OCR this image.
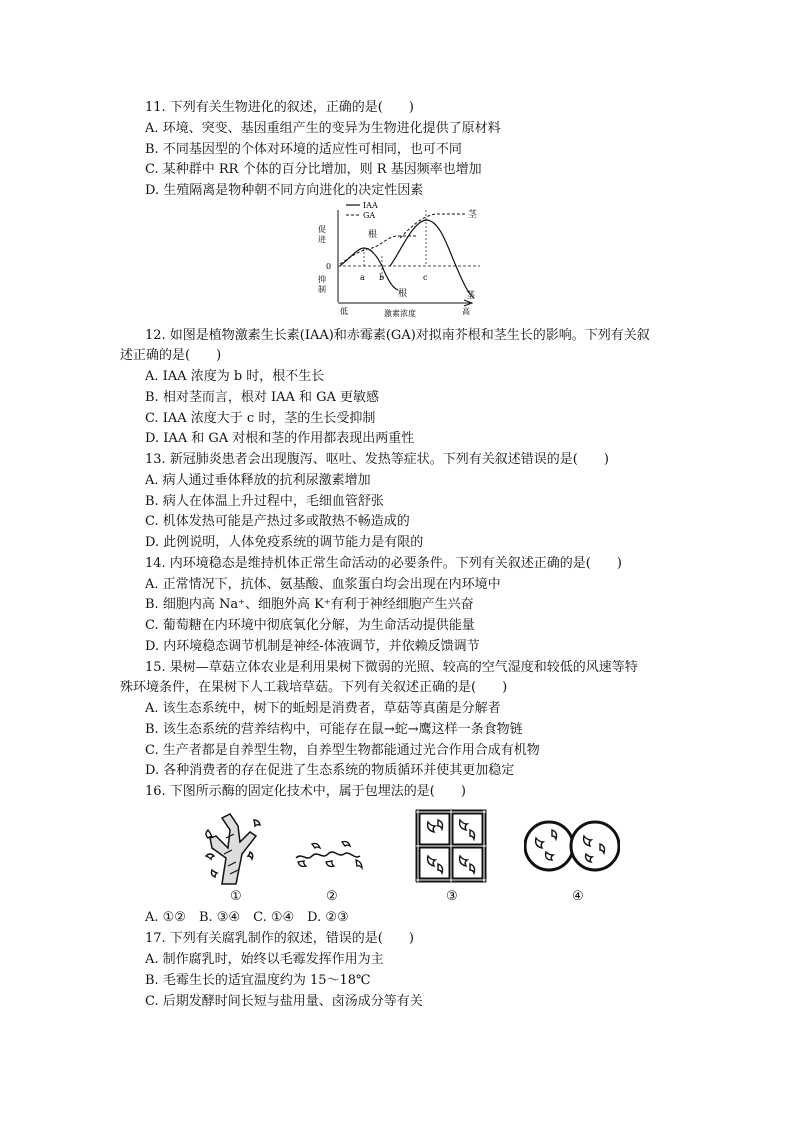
11. 下列有关生物进化的叙述，正确的是(　　)
A. 环境、突变、基因重组产生的变异为生物进化提供了原材料
B. 不同基因型的个体对环境的适应性可相同，也可不同
C. 某种群中 RR 个体的百分比增加，则 R 基因频率也增加
D. 生殖隔离是物种朝不同方向进化的决定性因素
IAA
GA
促
进
抑
制
0
a b	c
根
茎
根	茎
低	激素浓度	高
12. 如图是植物激素生长素(IAA)和赤霉素(GA)对拟南芥根和茎生长的影响。下列有关叙
述正确的是(　　)
A. IAA 浓度为 b 时，根不生长
B. 相对茎而言，根对 IAA 和 GA 更敏感
C. IAA 浓度大于 c 时，茎的生长受抑制
D. IAA 和 GA 对根和茎的作用都表现出两重性
13. 新冠肺炎患者会出现腹泻、呕吐、发热等症状。下列有关叙述错误的是(　　)
A. 病人通过垂体释放的抗利尿激素增加
B. 病人在体温上升过程中，毛细血管舒张
C. 机体发热可能是产热过多或散热不畅造成的
D. 此例说明，人体免疫系统的调节能力是有限的
14. 内环境稳态是维持机体正常生命活动的必要条件。下列有关叙述正确的是(　　)
A. 正常情况下，抗体、氨基酸、血浆蛋白均会出现在内环境中
B. 细胞内高 Na⁺、细胞外高 K⁺有利于神经细胞产生兴奋
C. 葡萄糖在内环境中彻底氧化分解，为生命活动提供能量
D. 内环境稳态调节机制是神经-体液调节，并依赖反馈调节
15. 果树—草菇立体农业是利用果树下微弱的光照、较高的空气湿度和较低的风速等特
殊环境条件，在果树下人工栽培草菇。下列有关叙述正确的是(　　)
A. 该生态系统中，树下的蚯蚓是消费者，草菇等真菌是分解者
B. 该生态系统的营养结构中，可能存在鼠→蛇→鹰这样一条食物链
C. 生产者都是自养型生物，自养型生物都能通过光合作用合成有机物
D. 各种消费者的存在促进了生态系统的物质循环并使其更加稳定
16. 下图所示酶的固定化技术中，属于包埋法的是(　　)
①	②	③	④
A. ①②　B. ③④　C. ①④　D. ②③
17. 下列有关腐乳制作的叙述，错误的是(　　)
A. 制作腐乳时，始终以毛霉发挥作用为主
B. 毛霉生长的适宜温度约为 15～18℃
C. 后期发酵时间长短与盐用量、卤汤成分等有关
